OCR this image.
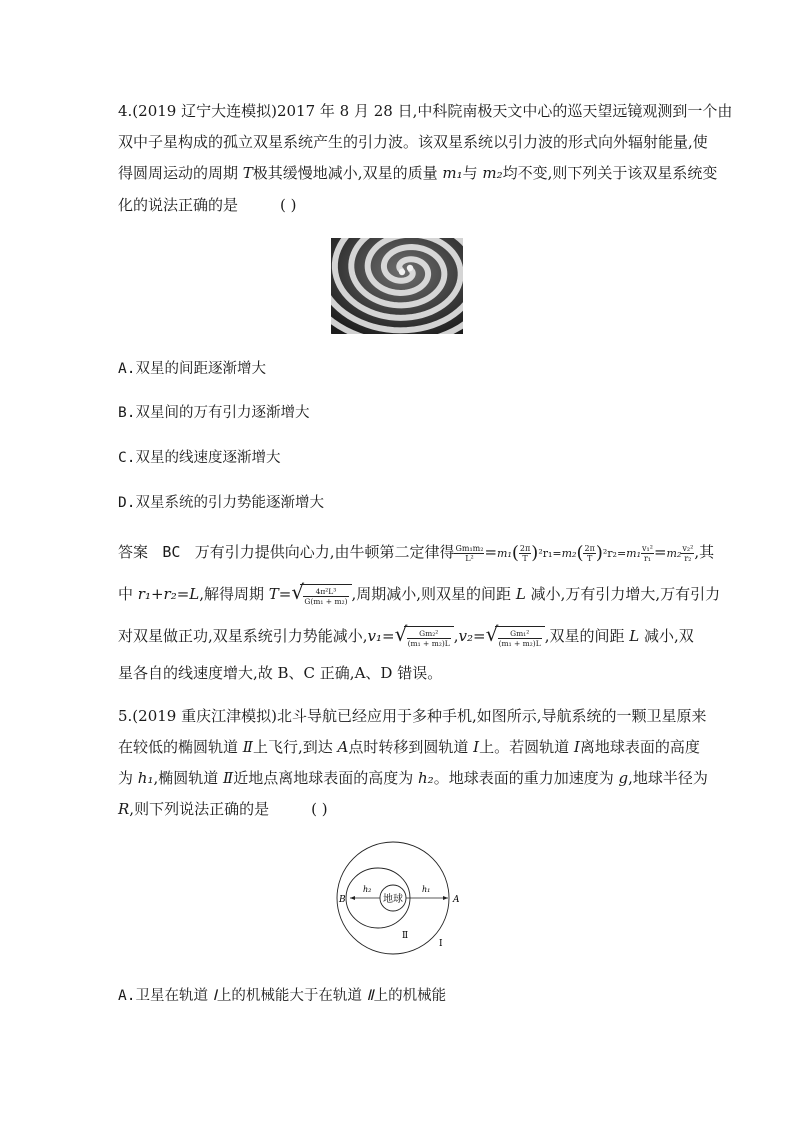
4.(2019 辽宁大连模拟)2017 年 8 月 28 日,中科院南极天文中心的巡天望远镜观测到一个由
双中子星构成的孤立双星系统产生的引力波。该双星系统以引力波的形式向外辐射能量,使
得圆周运动的周期 T极其缓慢地减小,双星的质量 m₁与 m₂均不变,则下列关于该双星系统变
化的说法正确的是	( )
A.双星的间距逐渐增大
B.双星间的万有引力逐渐增大
C.双星的线速度逐渐增大
D.双星系统的引力势能逐渐增大
答案 BC 万有引力提供向心力,由牛顿第二定律得 $\frac{\text{Gm₁m₂}}{\text{L²}} =m_1( \frac{2\pi}{T} )^2r_1=m_2( \frac{2\pi}{T} )^2r_2=m_1 \frac{\text{v₁²}}{\text{r₁}} =m_2 \frac{\text{v₂²}}{\text{r₂}}$ ,其
中 r₁+r₂=L,解得周期 T= √ $\frac{\text{4π²L³}}{\text{G(m₁ + m₂)}}$ ,周期减小,则双星的间距 L 减小,万有引力增大,万有引力
对双星做正功,双星系统引力势能减小,v₁= √ $\frac{\text{Gm₂²}}{\text{(m₁ + m₂)L}} ,v_2=$ √ $\frac{\text{Gm₁²}}{\text{(m₁ + m₂)L}}$ ,双星的间距 L 减小,双
星各自的线速度增大,故 B、C 正确,A、D 错误。
5.(2019 重庆江津模拟)北斗导航已经应用于多种手机,如图所示,导航系统的一颗卫星原来
在较低的椭圆轨道 Ⅱ上飞行,到达 A点时转移到圆轨道 Ⅰ上。若圆轨道 Ⅰ离地球表面的高度
为 h₁,椭圆轨道 Ⅱ近地点离地球表面的高度为 h₂。地球表面的重力加速度为 g,地球半径为
R,则下列说法正确的是	( )
地球
h₂	h₁
B	A
Ⅱ
Ⅰ
A.卫星在轨道 Ⅰ上的机械能大于在轨道 Ⅱ上的机械能
